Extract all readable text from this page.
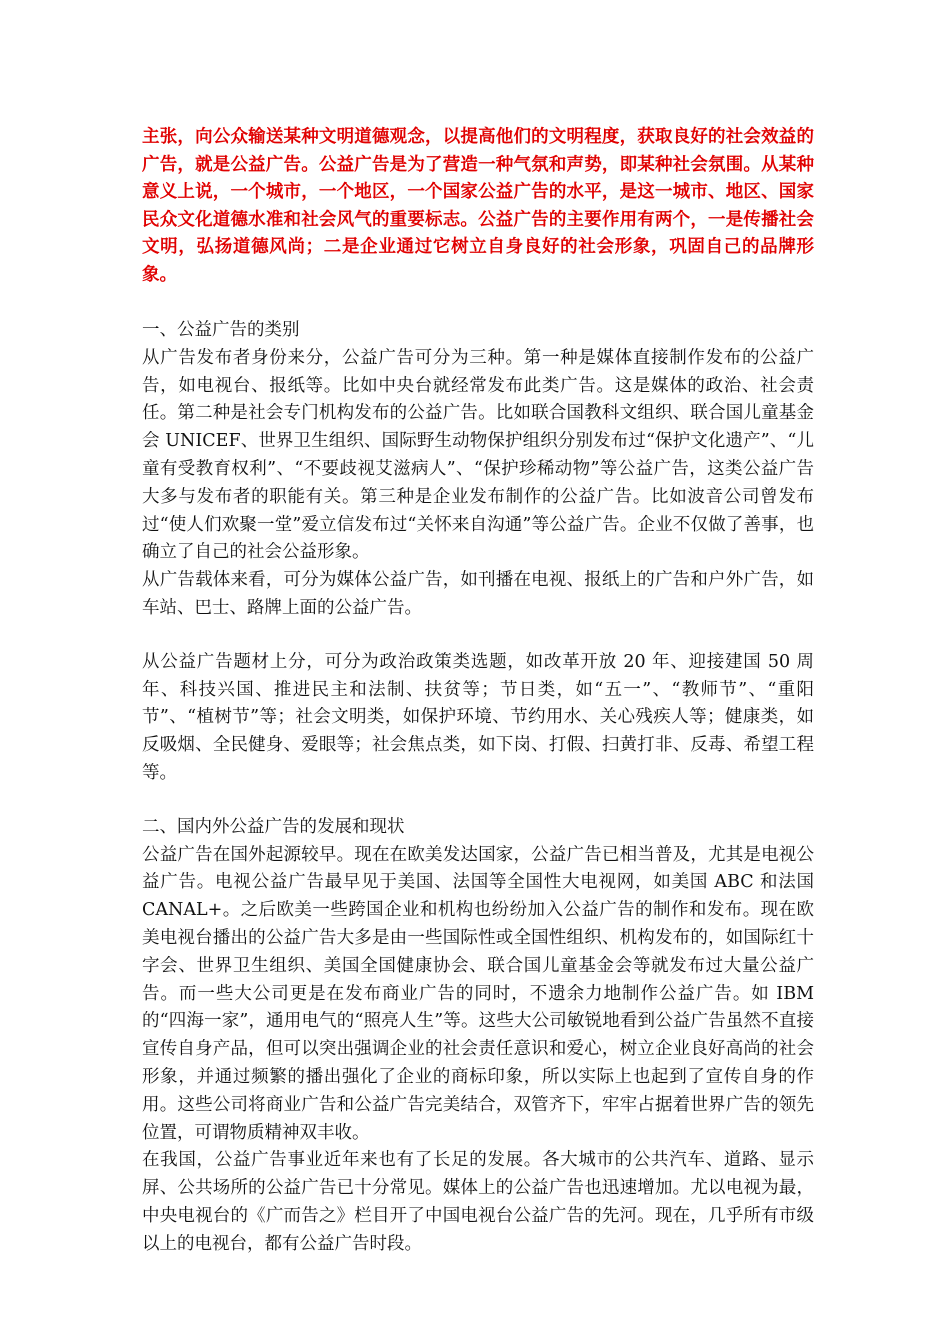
主张，向公众输送某种文明道德观念，以提高他们的文明程度，获取良好的社会效益的广告，就是公益广告。公益广告是为了营造一种气氛和声势，即某种社会氛围。从某种意义上说，一个城市，一个地区，一个国家公益广告的水平，是这一城市、地区、国家民众文化道德水准和社会风气的重要标志。公益广告的主要作用有两个，一是传播社会文明，弘扬道德风尚；二是企业通过它树立自身良好的社会形象，巩固自己的品牌形象。

一、公益广告的类别

从广告发布者身份来分，公益广告可分为三种。第一种是媒体直接制作发布的公益广告，如电视台、报纸等。比如中央台就经常发布此类广告。这是媒体的政治、社会责任。第二种是社会专门机构发布的公益广告。比如联合国教科文组织、联合国儿童基金会 UNICEF、世界卫生组织、国际野生动物保护组织分别发布过“保护文化遗产”、“儿童有受教育权利”、“不要歧视艾滋病人”、“保护珍稀动物”等公益广告，这类公益广告大多与发布者的职能有关。第三种是企业发布制作的公益广告。比如波音公司曾发布过“使人们欢聚一堂”爱立信发布过“关怀来自沟通”等公益广告。企业不仅做了善事，也确立了自己的社会公益形象。

从广告载体来看，可分为媒体公益广告，如刊播在电视、报纸上的广告和户外广告，如车站、巴士、路牌上面的公益广告。

从公益广告题材上分，可分为政治政策类选题，如改革开放 20 年、迎接建国 50 周年、科技兴国、推进民主和法制、扶贫等；节日类，如“五一”、“教师节”、“重阳节”、“植树节”等；社会文明类，如保护环境、节约用水、关心残疾人等；健康类，如反吸烟、全民健身、爱眼等；社会焦点类，如下岗、打假、扫黄打非、反毒、希望工程等。

二、国内外公益广告的发展和现状

公益广告在国外起源较早。现在在欧美发达国家，公益广告已相当普及，尤其是电视公益广告。电视公益广告最早见于美国、法国等全国性大电视网，如美国 ABC 和法国 CANAL+。之后欧美一些跨国企业和机构也纷纷加入公益广告的制作和发布。现在欧美电视台播出的公益广告大多是由一些国际性或全国性组织、机构发布的，如国际红十字会、世界卫生组织、美国全国健康协会、联合国儿童基金会等就发布过大量公益广告。而一些大公司更是在发布商业广告的同时，不遗余力地制作公益广告。如 IBM 的“四海一家”，通用电气的“照亮人生”等。这些大公司敏锐地看到公益广告虽然不直接宣传自身产品，但可以突出强调企业的社会责任意识和爱心，树立企业良好高尚的社会形象，并通过频繁的播出强化了企业的商标印象，所以实际上也起到了宣传自身的作用。这些公司将商业广告和公益广告完美结合，双管齐下，牢牢占据着世界广告的领先位置，可谓物质精神双丰收。

在我国，公益广告事业近年来也有了长足的发展。各大城市的公共汽车、道路、显示屏、公共场所的公益广告已十分常见。媒体上的公益广告也迅速增加。尤以电视为最，中央电视台的《广而告之》栏目开了中国电视台公益广告的先河。现在，几乎所有市级以上的电视台，都有公益广告时段。
